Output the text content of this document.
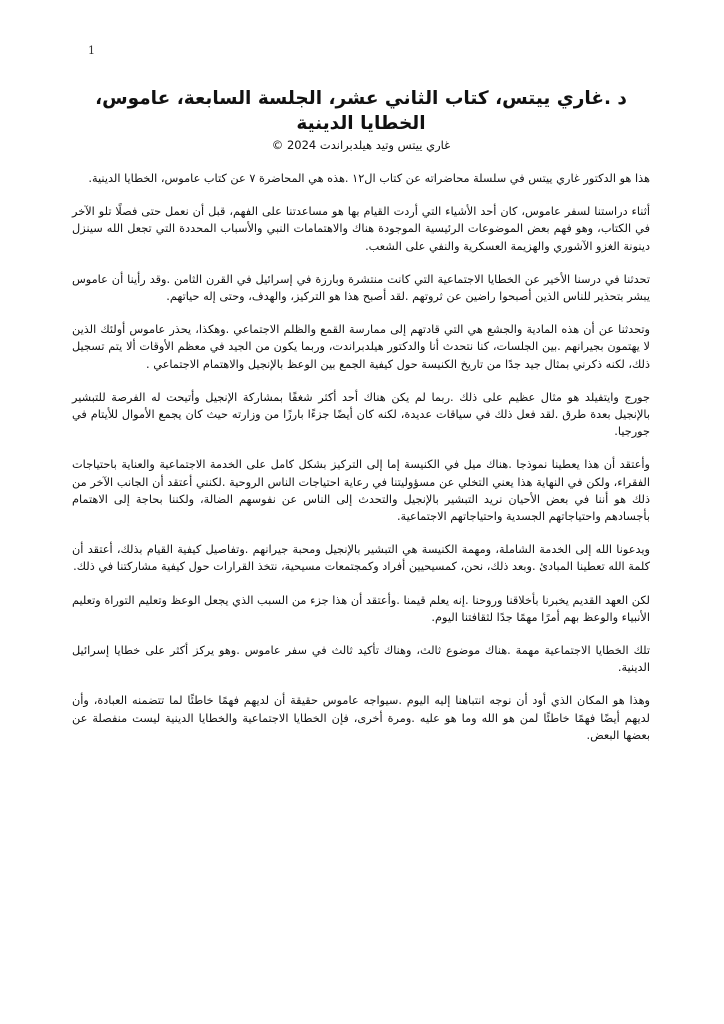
1
د .غاري ييتس، كتاب الثاني عشر، الجلسة السابعة، عاموس، الخطايا الدينية
غاري ييتس وتيد هيلدبراندت 2024 ©

هذا هو الدكتور غاري ييتس في سلسلة محاضراته عن كتاب ال١٢ .هذه هي المحاضرة ٧ عن كتاب عاموس، الخطايا الدينية.

أثناء دراستنا لسفر عاموس، كان أحد الأشياء التي أردت القيام بها هو مساعدتنا على الفهم، قبل أن نعمل حتى فصلًا تلو الآخر في الكتاب، وهو فهم بعض الموضوعات الرئيسية الموجودة هناك والاهتمامات النبي والأسباب المحددة التي تجعل الله سينزل دينونة الغزو الآشوري والهزيمة العسكرية والنفي على الشعب.

تحدثنا في درسنا الأخير عن الخطايا الاجتماعية التي كانت منتشرة وبارزة في إسرائيل في القرن الثامن .وقد رأينا أن عاموس يبشر بتحذير للناس الذين أصبحوا راضين عن ثروتهم .لقد أصبح هذا هو التركيز، والهدف، وحتى إله حياتهم.

وتحدثنا عن أن هذه المادية والجشع هي التي قادتهم إلى ممارسة القمع والظلم الاجتماعي .وهكذا، يحذر عاموس أولئك الذين لا يهتمون بجيرانهم .بين الجلسات، كنا نتحدث أنا والدكتور هيلدبراندت، وربما يكون من الجيد في معظم الأوقات ألا يتم تسجيل ذلك، لكنه ذكرني بمثال جيد جدًا من تاريخ الكنيسة حول كيفية الجمع بين الوعظ بالإنجيل والاهتمام الاجتماعي .

جورج وايتفيلد هو مثال عظيم على ذلك .ربما لم يكن هناك أحد أكثر شغفًا بمشاركة الإنجيل وأتيحت له الفرصة للتبشير بالإنجيل بعدة طرق .لقد فعل ذلك في سياقات عديدة، لكنه كان أيضًا جزءًا بارزًا من وزارته حيث كان يجمع الأموال للأيتام في جورجيا.

وأعتقد أن هذا يعطينا نموذجا .هناك ميل في الكنيسة إما إلى التركيز بشكل كامل على الخدمة الاجتماعية والعناية باحتياجات الفقراء، ولكن في النهاية هذا يعني التخلي عن مسؤوليتنا في رعاية احتياجات الناس الروحية .لكنني أعتقد أن الجانب الآخر من ذلك هو أننا في بعض الأحيان نريد التبشير بالإنجيل والتحدث إلى الناس عن نفوسهم الضالة، ولكننا بحاجة إلى الاهتمام بأجسادهم واحتياجاتهم الجسدية واحتياجاتهم الاجتماعية.

ويدعونا الله إلى الخدمة الشاملة، ومهمة الكنيسة هي التبشير بالإنجيل ومحبة جيرانهم .وتفاصيل كيفية القيام بذلك، أعتقد أن كلمة الله تعطينا المبادئ .وبعد ذلك، نحن، كمسيحيين أفراد وكمجتمعات مسيحية، نتخذ القرارات حول كيفية مشاركتنا في ذلك.

لكن العهد القديم يخبرنا بأخلاقنا وروحنا .إنه يعلم قيمنا .وأعتقد أن هذا جزء من السبب الذي يجعل الوعظ وتعليم التوراة وتعليم الأنبياء والوعظ بهم أمرًا مهمًا جدًا لثقافتنا اليوم.

تلك الخطايا الاجتماعية مهمة .هناك موضوع ثالث، وهناك تأكيد ثالث في سفر عاموس .وهو يركز أكثر على خطايا إسرائيل الدينية.

وهذا هو المكان الذي أود أن نوجه انتباهنا إليه اليوم .سيواجه عاموس حقيقة أن لديهم فهمًا خاطئًا لما تتضمنه العبادة، وأن لديهم أيضًا فهمًا خاطئًا لمن هو الله وما هو عليه .ومرة أخرى، فإن الخطايا الاجتماعية والخطايا الدينية ليست منفصلة عن بعضها البعض.
